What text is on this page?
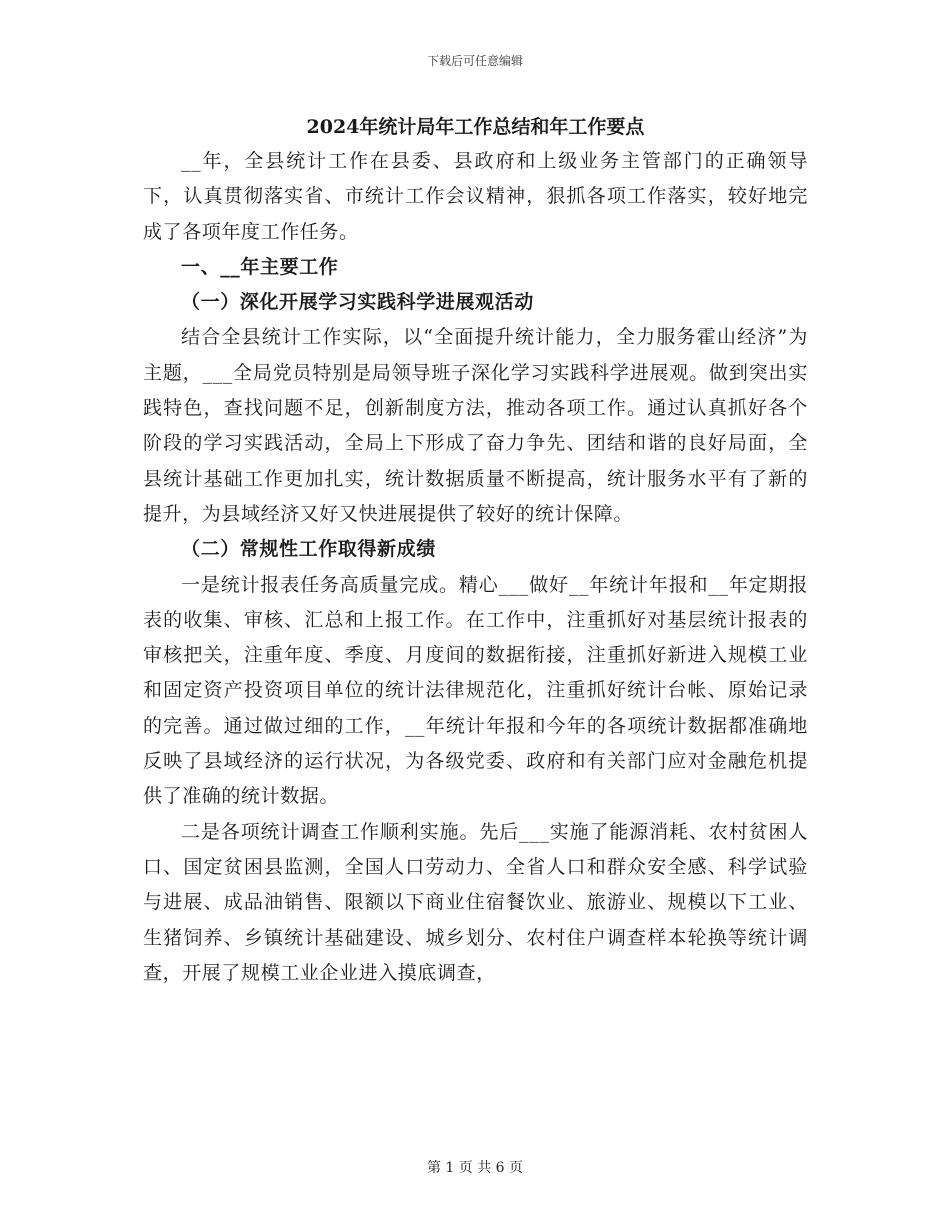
下载后可任意编辑
2024年统计局年工作总结和年工作要点

__年，全县统计工作在县委、县政府和上级业务主管部门的正确领导下，认真贯彻落实省、市统计工作会议精神，狠抓各项工作落实，较好地完成了各项年度工作任务。

一、__年主要工作

（一）深化开展学习实践科学进展观活动

结合全县统计工作实际，以“全面提升统计能力，全力服务霍山经济”为主题，___全局党员特别是局领导班子深化学习实践科学进展观。做到突出实践特色，查找问题不足，创新制度方法，推动各项工作。通过认真抓好各个阶段的学习实践活动，全局上下形成了奋力争先、团结和谐的良好局面，全县统计基础工作更加扎实，统计数据质量不断提高，统计服务水平有了新的提升，为县域经济又好又快进展提供了较好的统计保障。

（二）常规性工作取得新成绩

一是统计报表任务高质量完成。精心___做好__年统计年报和__年定期报表的收集、审核、汇总和上报工作。在工作中，注重抓好对基层统计报表的审核把关，注重年度、季度、月度间的数据衔接，注重抓好新进入规模工业和固定资产投资项目单位的统计法律规范化，注重抓好统计台帐、原始记录的完善。通过做过细的工作，__年统计年报和今年的各项统计数据都准确地反映了县域经济的运行状况，为各级党委、政府和有关部门应对金融危机提供了准确的统计数据。

二是各项统计调查工作顺利实施。先后___实施了能源消耗、农村贫困人口、国定贫困县监测，全国人口劳动力、全省人口和群众安全感、科学试验与进展、成品油销售、限额以下商业住宿餐饮业、旅游业、规模以下工业、生猪饲养、乡镇统计基础建设、城乡划分、农村住户调查样本轮换等统计调查，开展了规模工业企业进入摸底调查，

第 1 页 共 6 页
